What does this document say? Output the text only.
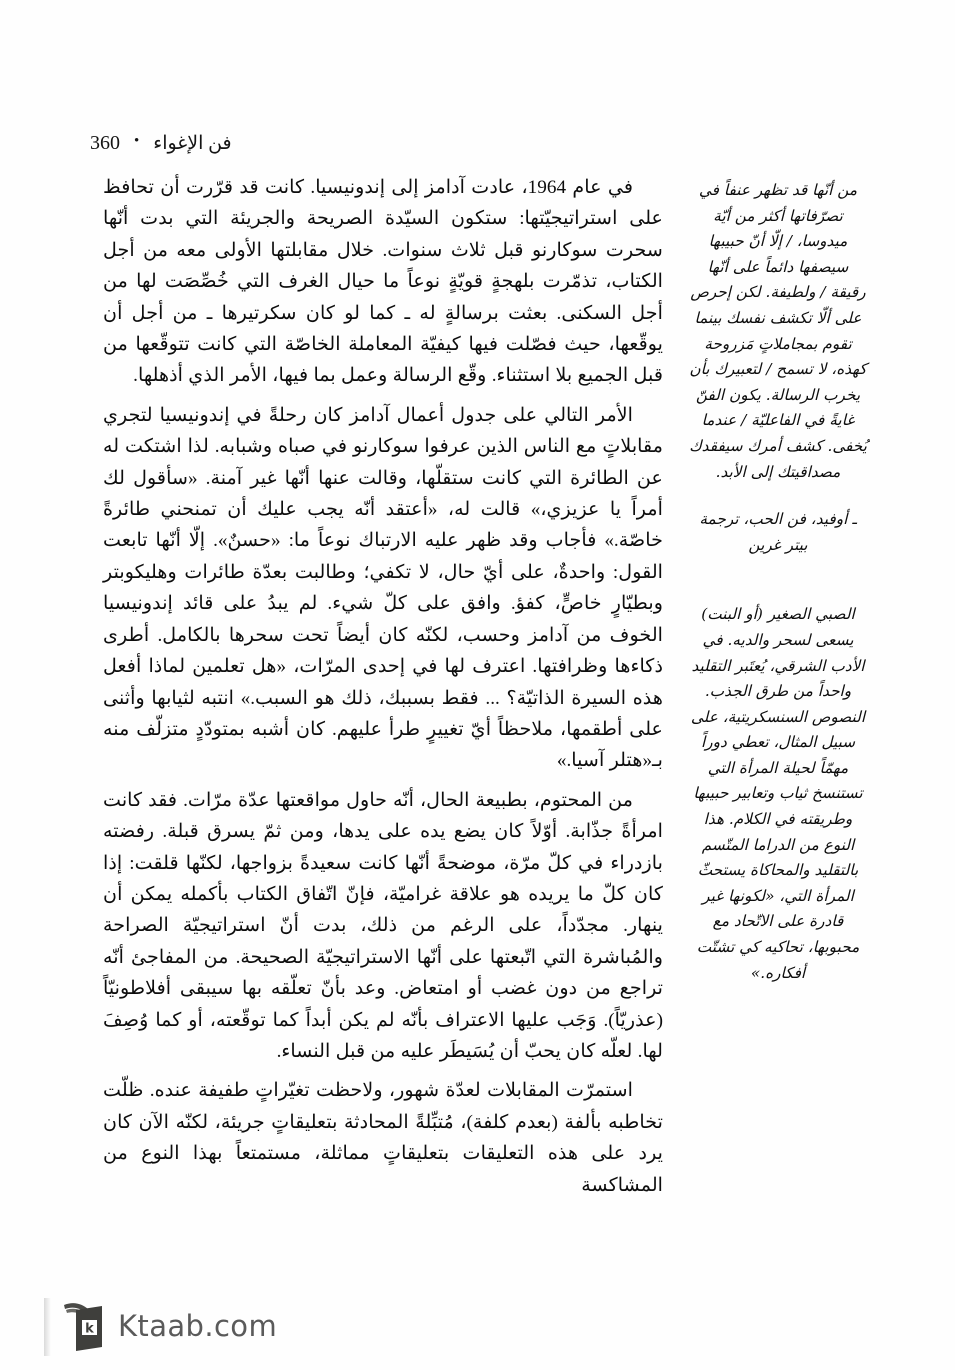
فن الإغواء
•
360

من أنّها قد تظهر عنفاً في تصرّفاتها أكثر من أيّة ميدوسا، / إلّا أنّ حبيبها سيصفها دائماً على أنّها رقيقة / ولطيفة. لكن إحرص على ألّا تكشف نفسك بينما تقوم بمجاملاتٍ مَزروحة كهذه، لا تسمح / لتعبيرك بأن يخرب الرسالة. يكون الفنّ غايةً في الفاعليّة / عندما يُخفى. كشف أمرك سيفقدك مصداقيتك إلى الأبد.

ـ أوفيد، فن الحب، ترجمة بيتر غرين

الصبي الصغير (أو البنت) يسعى لسحر والديه. في الأدب الشرقي، يُعتَبر التقليد واحداً من طرق الجذب. النصوص السنسكريتية، على سبيل المثال، تعطي دوراً مهمّاً لحيلة المرأة التي تستنسخ ثياب وتعابير حبيبها وطريقته في الكلام. هذا النوع من الدراما المتّسم بالتقليد والمحاكاة يستحثّ المرأة التي، «لكونها غير قادرة على الاتّحاد مع محبوبها، تحاكيه كي تشتّت أفكاره.»

في عام 1964، عادت آدامز إلى إندونيسيا. كانت قد قرّرت أن تحافظ على استراتيجيّتها: ستكون السيّدة الصريحة والجريئة التي بدت أنّها سحرت سوكارنو قبل ثلاث سنوات. خلال مقابلتها الأولى معه من أجل الكتاب، تذمّرت بلهجةٍ قويّةٍ نوعاً ما حيال الغرف التي خُصِّصَت لها من أجل السكنى. بعثت برسالةٍ له ـ كما لو كان سكرتيرها ـ من أجل أن يوقّعها، حيث فصّلت فيها كيفيّة المعاملة الخاصّة التي كانت تتوقّعها من قبل الجميع بلا استثناء. وقّع الرسالة وعمل بما فيها، الأمر الذي أذهلها.

الأمر التالي على جدول أعمال آدامز كان رحلةً في إندونيسيا لتجري مقابلاتٍ مع الناس الذين عرفوا سوكارنو في صباه وشبابه. لذا اشتكت له عن الطائرة التي كانت ستقلّها، وقالت عنها أنّها غير آمنة. «سأقول لك أمراً يا عزيزي،» قالت له، «أعتقد أنّه يجب عليك أن تمنحني طائرةً خاصّة.» فأجاب وقد ظهر عليه الارتباك نوعاً ما: «حسنٌ». إلّا أنّها تابعت القول: واحدةٌ، على أيّ حال، لا تكفي؛ وطالبت بعدّة طائرات وهليكوبتر وبطيّارٍ خاصٍّ، كفؤ. وافق على كلّ شيء. لم يبدُ على قائد إندونيسيا الخوف من آدامز وحسب، لكنّه كان أيضاً تحت سحرها بالكامل. أطرى ذكاءها وظرافتها. اعترف لها في إحدى المرّات، «هل تعلمين لماذا أفعل هذه السيرة الذاتيّة؟ ... فقط بسببك، ذلك هو السبب.» انتبه لثيابها وأثنى على أطقمها، ملاحظاً أيّ تغييرٍ طرأ عليهم. كان أشبه بمتودّدٍ متزلّف منه بـ«هتلر آسيا.»

من المحتوم، بطبيعة الحال، أنّه حاول مواقعتها عدّة مرّات. فقد كانت امرأةً جذّابة. أوّلاً كان يضع يده على يدها، ومن ثمّ يسرق قبلة. رفضته بازدراء في كلّ مرّة، موضحةً أنّها كانت سعيدةً بزواجها، لكنّها قلقت: إذا كان كلّ ما يريده هو علاقة غراميّة، فإنّ اتّفاق الكتاب بأكمله يمكن أن ينهار. مجدّداً، على الرغم من ذلك، بدت أنّ استراتيجيّة الصراحة والمُباشرة التي اتّبعتها على أنّها الاستراتيجيّة الصحيحة. من المفاجئ أنّه تراجع من دون غضب أو امتعاض. وعد بأنّ تعلّقه بها سيبقى أفلاطونيّاً (عذريّاً). وَجَب عليها الاعتراف بأنّه لم يكن أبداً كما توقّعته، أو كما وُصِفَ لها. لعلّه كان يحبّ أن يُسَيطَر عليه من قبل النساء.

استمرّت المقابلات لعدّة شهور، ولاحظت تغيّراتٍ طفيفة عنده. ظلّت تخاطبه بألفة (بعدم كلفة)، مُتبِّلةً المحادثة بتعليقاتٍ جريئة، لكنّه الآن كان يرد على هذه التعليقات بتعليقاتٍ مماثلة، مستمتعاً بهذا النوع من المشاكسة

k Ktaab.com
